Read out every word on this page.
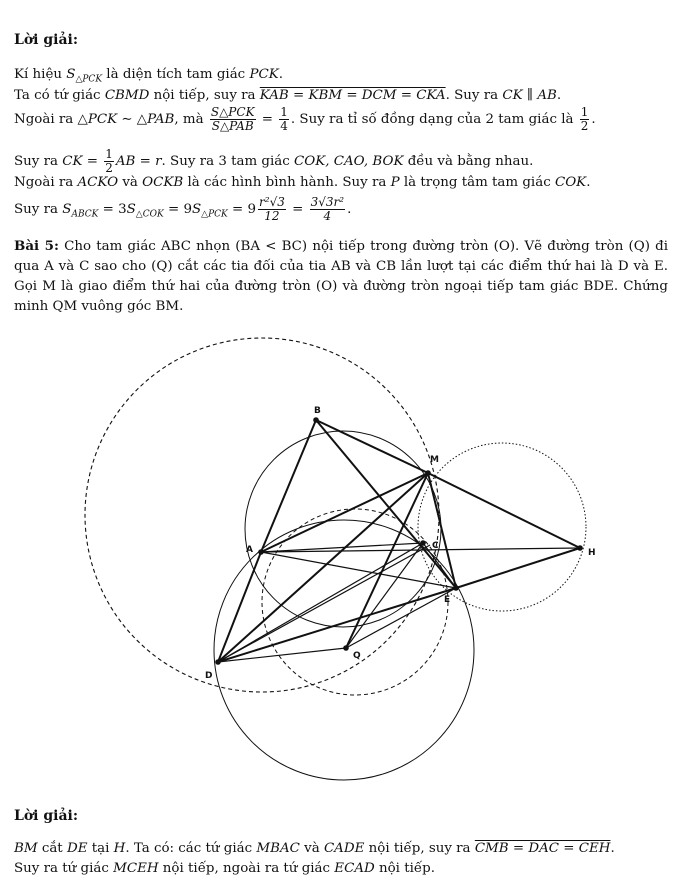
Lời giải:
Kí hiệu $S_{\triangle PCK}$ là diện tích tam giác PCK.
Ta có tứ giác CBMD nội tiếp, suy ra KAB = KBM = DCM = CKA. Suy ra CK ∥ AB.
Ngoài ra △PCK ∼ △PAB, mà $\frac{\text{S△PCK}}{\text{S△PAB}} = \frac{1}{4}$ . Suy ra tỉ số đồng dạng của 2 tam giác là $\frac{1}{2}$ .
Suy ra CK = $\frac{1}{2}$ AB = r. Suy ra 3 tam giác COK, CAO, BOK đều và bằng nhau.
Ngoài ra ACKO và OCKB là các hình bình hành. Suy ra P là trọng tâm tam giác COK.
Suy ra $S_{ABCK} = 3S_{\triangle COK} = 9S_{\triangle PCK} = 9 \frac{\text{r²√3}}{12} = \frac{\text{3√3r²}}{4}$ .
Bài 5: Cho tam giác ABC nhọn (BA < BC) nội tiếp trong đường tròn (O). Vẽ đường tròn (Q) đi qua A và C sao cho (Q) cắt các tia đối của tia AB và CB lần lượt tại các điểm thứ hai là D và E. Gọi M là giao điểm thứ hai của đường tròn (O) và đường tròn ngoại tiếp tam giác BDE. Chứng minh QM vuông góc BM.
B
M
A	C
H
E
D
Q
Lời giải:
BM cắt DE tại H. Ta có: các tứ giác MBAC và CADE nội tiếp, suy ra CMB = DAC = CEH.
Suy ra tứ giác MCEH nội tiếp, ngoài ra tứ giác ECAD nội tiếp.
